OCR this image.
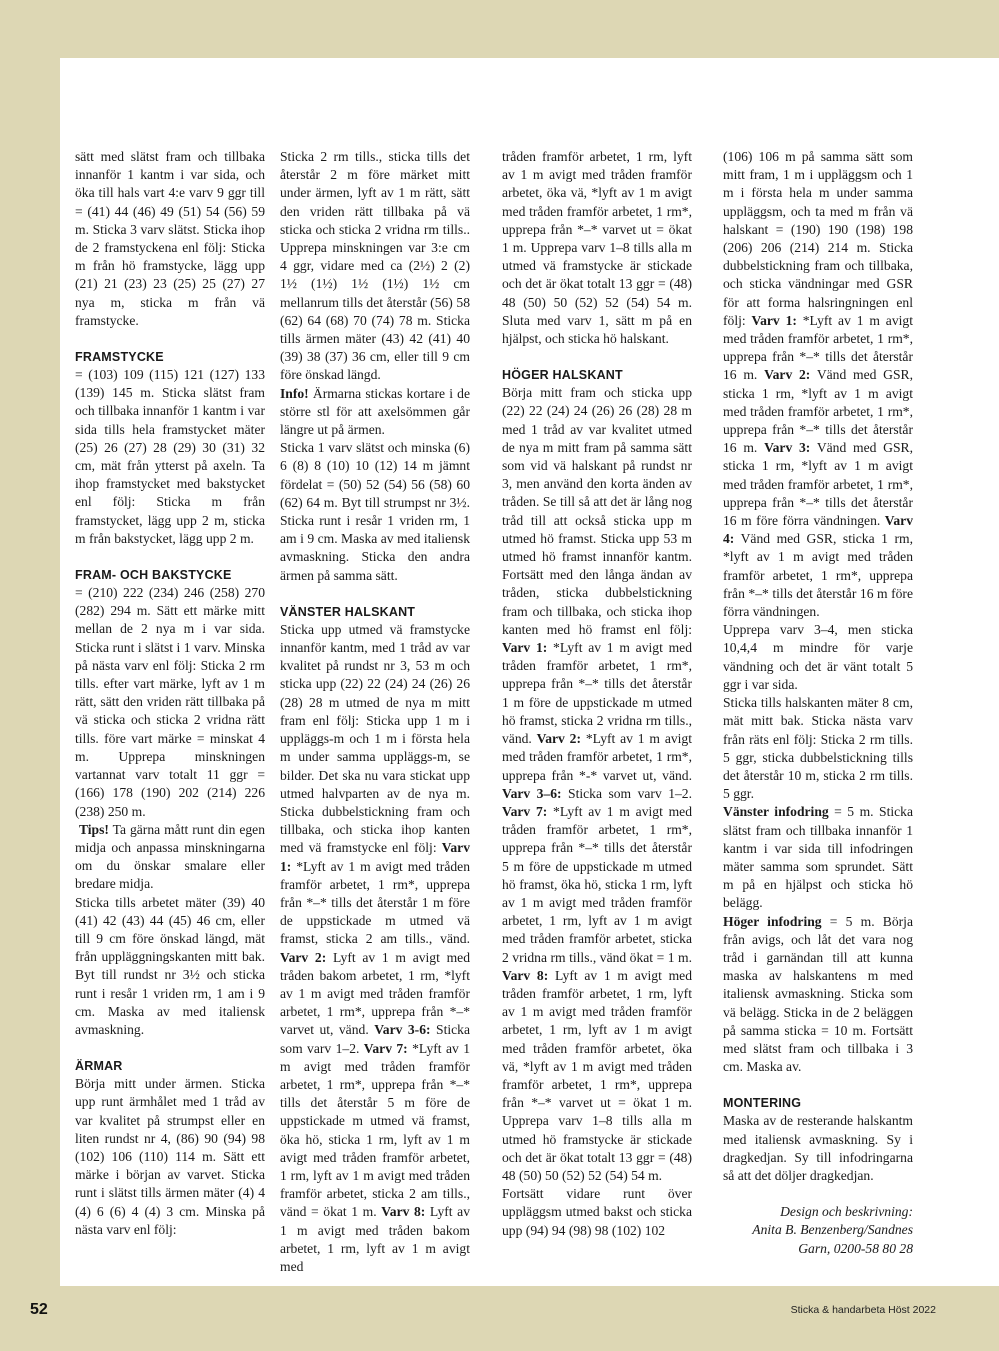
sätt med slätst fram och tillbaka innanför 1 kantm i var sida, och öka till hals vart 4:e varv 9 ggr till = (41) 44 (46) 49 (51) 54 (56) 59 m. Sticka 3 varv slätst. Sticka ihop de 2 framstyckena enl följ: Sticka m från hö framstycke, lägg upp (21) 21 (23) 23 (25) 25 (27) 27 nya m, sticka m från vä framstycke.

FRAMSTYCKE

= (103) 109 (115) 121 (127) 133 (139) 145 m. Sticka slätst fram och tillbaka innanför 1 kantm i var sida tills hela framstycket mäter (25) 26 (27) 28 (29) 30 (31) 32 cm, mät från ytterst på axeln. Ta ihop framstycket med bakstycket enl följ: Sticka m från framstycket, lägg upp 2 m, sticka m från bakstycket, lägg upp 2 m.

FRAM- OCH BAKSTYCKE

= (210) 222 (234) 246 (258) 270 (282) 294 m. Sätt ett märke mitt mellan de 2 nya m i var sida. Sticka runt i slätst i 1 varv. Minska på nästa varv enl följ: Sticka 2 rm tills. efter vart märke, lyft av 1 m rätt, sätt den vriden rätt tillbaka på vä sticka och sticka 2 vridna rätt tills. före vart märke = minskat 4 m. Upprepa minskningen vartannat varv totalt 11 ggr = (166) 178 (190) 202 (214) 226 (238) 250 m.

Tips! Ta gärna mått runt din egen midja och anpassa minskningarna om du önskar smalare eller bredare midja.

Sticka tills arbetet mäter (39) 40 (41) 42 (43) 44 (45) 46 cm, eller till 9 cm före önskad längd, mät från uppläggningskanten mitt bak. Byt till rundst nr 3½ och sticka runt i resår 1 vriden rm, 1 am i 9 cm. Maska av med italiensk avmaskning.

ÄRMAR

Börja mitt under ärmen. Sticka upp runt ärmhålet med 1 tråd av var kvalitet på strumpst eller en liten rundst nr 4, (86) 90 (94) 98 (102) 106 (110) 114 m. Sätt ett märke i början av varvet. Sticka runt i slätst tills ärmen mäter (4) 4 (4) 6 (6) 4 (4) 3 cm. Minska på nästa varv enl följ:

Sticka 2 rm tills., sticka tills det återstår 2 m före märket mitt under ärmen, lyft av 1 m rätt, sätt den vriden rätt tillbaka på vä sticka och sticka 2 vridna rm tills.. Upprepa minskningen var 3:e cm 4 ggr, vidare med ca (2½) 2 (2) 1½ (1½) 1½ (1½) 1½ cm mellanrum tills det återstår (56) 58 (62) 64 (68) 70 (74) 78 m. Sticka tills ärmen mäter (43) 42 (41) 40 (39) 38 (37) 36 cm, eller till 9 cm före önskad längd.

Info! Ärmarna stickas kortare i de större stl för att axelsömmen går längre ut på ärmen.

Sticka 1 varv slätst och minska (6) 6 (8) 8 (10) 10 (12) 14 m jämnt fördelat = (50) 52 (54) 56 (58) 60 (62) 64 m. Byt till strumpst nr 3½. Sticka runt i resår 1 vriden rm, 1 am i 9 cm. Maska av med italiensk avmaskning. Sticka den andra ärmen på samma sätt.

VÄNSTER HALSKANT

Sticka upp utmed vä framstycke innanför kantm, med 1 tråd av var kvalitet på rundst nr 3, 53 m och sticka upp (22) 22 (24) 24 (26) 26 (28) 28 m utmed de nya m mitt fram enl följ: Sticka upp 1 m i uppläggs-m och 1 m i första hela m under samma uppläggs-m, se bilder. Det ska nu vara stickat upp utmed halvparten av de nya m. Sticka dubbelstickning fram och tillbaka, och sticka ihop kanten med vä framstycke enl följ: Varv 1: *Lyft av 1 m avigt med tråden framför arbetet, 1 rm*, upprepa från *–* tills det återstår 1 m före de uppstickade m utmed vä framst, sticka 2 am tills., vänd. Varv 2: Lyft av 1 m avigt med tråden bakom arbetet, 1 rm, *lyft av 1 m avigt med tråden framför arbetet, 1 rm*, upprepa från *–* varvet ut, vänd. Varv 3-6: Sticka som varv 1–2. Varv 7: *Lyft av 1 m avigt med tråden framför arbetet, 1 rm*, upprepa från *–* tills det återstår 5 m före de uppstickade m utmed vä framst, öka hö, sticka 1 rm, lyft av 1 m avigt med tråden framför arbetet, 1 rm, lyft av 1 m avigt med tråden framför arbetet, sticka 2 am tills., vänd = ökat 1 m. Varv 8: Lyft av 1 m avigt med tråden bakom arbetet, 1 rm, lyft av 1 m avigt med

tråden framför arbetet, 1 rm, lyft av 1 m avigt med tråden framför arbetet, öka vä, *lyft av 1 m avigt med tråden framför arbetet, 1 rm*, upprepa från *–* varvet ut = ökat 1 m. Upprepa varv 1–8 tills alla m utmed vä framstycke är stickade och det är ökat totalt 13 ggr = (48) 48 (50) 50 (52) 52 (54) 54 m. Sluta med varv 1, sätt m på en hjälpst, och sticka hö halskant.

HÖGER HALSKANT

Börja mitt fram och sticka upp (22) 22 (24) 24 (26) 26 (28) 28 m med 1 tråd av var kvalitet utmed de nya m mitt fram på samma sätt som vid vä halskant på rundst nr 3, men använd den korta änden av tråden. Se till så att det är lång nog tråd till att också sticka upp m utmed hö framst. Sticka upp 53 m utmed hö framst innanför kantm. Fortsätt med den långa ändan av tråden, sticka dubbelstickning fram och tillbaka, och sticka ihop kanten med hö framst enl följ: Varv 1: *Lyft av 1 m avigt med tråden framför arbetet, 1 rm*, upprepa från *–* tills det återstår 1 m före de uppstickade m utmed hö framst, sticka 2 vridna rm tills., vänd. Varv 2: *Lyft av 1 m avigt med tråden framför arbetet, 1 rm*, upprepa från *-* varvet ut, vänd. Varv 3–6: Sticka som varv 1–2. Varv 7: *Lyft av 1 m avigt med tråden framför arbetet, 1 rm*, upprepa från *–* tills det återstår 5 m före de uppstickade m utmed hö framst, öka hö, sticka 1 rm, lyft av 1 m avigt med tråden framför arbetet, 1 rm, lyft av 1 m avigt med tråden framför arbetet, sticka 2 vridna rm tills., vänd ökat = 1 m. Varv 8: Lyft av 1 m avigt med tråden framför arbetet, 1 rm, lyft av 1 m avigt med tråden framför arbetet, 1 rm, lyft av 1 m avigt med tråden framför arbetet, öka vä, *lyft av 1 m avigt med tråden framför arbetet, 1 rm*, upprepa från *–* varvet ut = ökat 1 m. Upprepa varv 1–8 tills alla m utmed hö framstycke är stickade och det är ökat totalt 13 ggr = (48) 48 (50) 50 (52) 52 (54) 54 m.

Fortsätt vidare runt över uppläggsm utmed bakst och sticka upp (94) 94 (98) 98 (102) 102

(106) 106 m på samma sätt som mitt fram, 1 m i uppläggsm och 1 m i första hela m under samma uppläggsm, och ta med m från vä halskant = (190) 190 (198) 198 (206) 206 (214) 214 m. Sticka dubbelstickning fram och tillbaka, och sticka vändningar med GSR för att forma halsringningen enl följ: Varv 1: *Lyft av 1 m avigt med tråden framför arbetet, 1 rm*, upprepa från *–* tills det återstår 16 m. Varv 2: Vänd med GSR, sticka 1 rm, *lyft av 1 m avigt med tråden framför arbetet, 1 rm*, upprepa från *–* tills det återstår 16 m. Varv 3: Vänd med GSR, sticka 1 rm, *lyft av 1 m avigt med tråden framför arbetet, 1 rm*, upprepa från *–* tills det återstår 16 m före förra vändningen. Varv 4: Vänd med GSR, sticka 1 rm, *lyft av 1 m avigt med tråden framför arbetet, 1 rm*, upprepa från *–* tills det återstår 16 m före förra vändningen.

Upprepa varv 3–4, men sticka 10,4,4 m mindre för varje vändning och det är vänt totalt 5 ggr i var sida.

Sticka tills halskanten mäter 8 cm, mät mitt bak. Sticka nästa varv från räts enl följ: Sticka 2 rm tills. 5 ggr, sticka dubbelstickning tills det återstår 10 m, sticka 2 rm tills. 5 ggr.

Vänster infodring = 5 m. Sticka slätst fram och tillbaka innanför 1 kantm i var sida till infodringen mäter samma som sprundet. Sätt m på en hjälpst och sticka hö belägg.

Höger infodring = 5 m. Börja från avigs, och låt det vara nog tråd i garnändan till att kunna maska av halskantens m med italiensk avmaskning. Sticka som vä belägg. Sticka in de 2 beläggen på samma sticka = 10 m. Fortsätt med slätst fram och tillbaka i 3 cm. Maska av.

MONTERING

Maska av de resterande halskantm med italiensk avmaskning. Sy i dragkedjan. Sy till infodringarna så att det döljer dragkedjan.

Design och beskrivning:
Anita B. Benzenberg/Sandnes
Garn, 0200-58 80 28
52	Sticka & handarbeta Höst 2022
